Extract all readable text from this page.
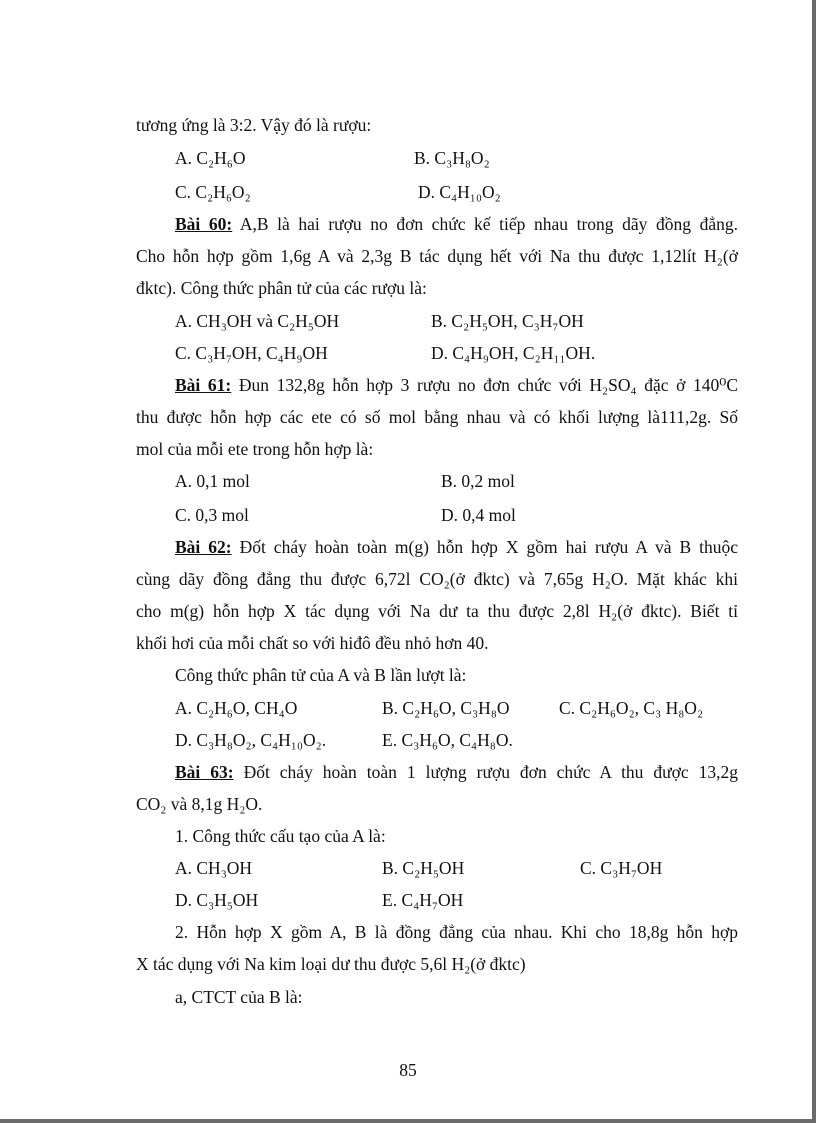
tương ứng là 3:2. Vậy đó là rượu:
A. C₂H₆O	B. C₃H₈O₂
C. C₂H₆O₂	D. C₄H₁₀O₂
Bài 60: A,B là hai rượu no đơn chức kế tiếp nhau trong dãy đồng đẳng.
Cho hỗn hợp gồm 1,6g A và 2,3g B tác dụng hết với Na thu được 1,12lít H₂(ở
đktc). Công thức phân tử của các rượu là:
A. CH₃OH và C₂H₅OH	B. C₂H₅OH, C₃H₇OH
C. C₃H₇OH, C₄H₉OH	D. C₄H₉OH, C₂H₁₁OH.
Bài 61: Đun 132,8g hỗn hợp 3 rượu no đơn chức với H₂SO₄ đặc ở 140⁰C
thu được hỗn hợp các ete có số mol bằng nhau và có khối lượng là111,2g. Số
mol của mỗi ete trong hỗn hợp là:
A. 0,1 mol	B. 0,2 mol
C. 0,3 mol	D. 0,4 mol
Bài 62: Đốt cháy hoàn toàn m(g) hỗn hợp X gồm hai rượu A và B thuộc
cùng dãy đồng đẳng thu được 6,72l CO₂(ở đktc) và 7,65g H₂O. Mặt khác khi
cho m(g) hỗn hợp X tác dụng với Na dư ta thu được 2,8l H₂(ở đktc). Biết tỉ
khối hơi của mỗi chất so với hiđô đều nhỏ hơn 40.
Công thức phân tử của A và B lần lượt là:
A. C₂H₆O, CH₄O	B. C₂H₆O, C₃H₈O	C. C₂H₆O₂, C₃ H₈O₂
D. C₃H₈O₂, C₄H₁₀O₂.	E. C₃H₆O, C₄H₈O.
Bài 63: Đốt cháy hoàn toàn 1 lượng rượu đơn chức A thu được 13,2g
CO₂ và 8,1g H₂O.
1. Công thức cấu tạo của A là:
A. CH₃OH	B. C₂H₅OH	C. C₃H₇OH
D. C₃H₅OH	E. C₄H₇OH
2. Hỗn hợp X gồm A, B là đồng đẳng của nhau. Khi cho 18,8g hỗn hợp
X tác dụng với Na kim loại dư thu được 5,6l H₂(ở đktc)
a, CTCT của B là:
85
